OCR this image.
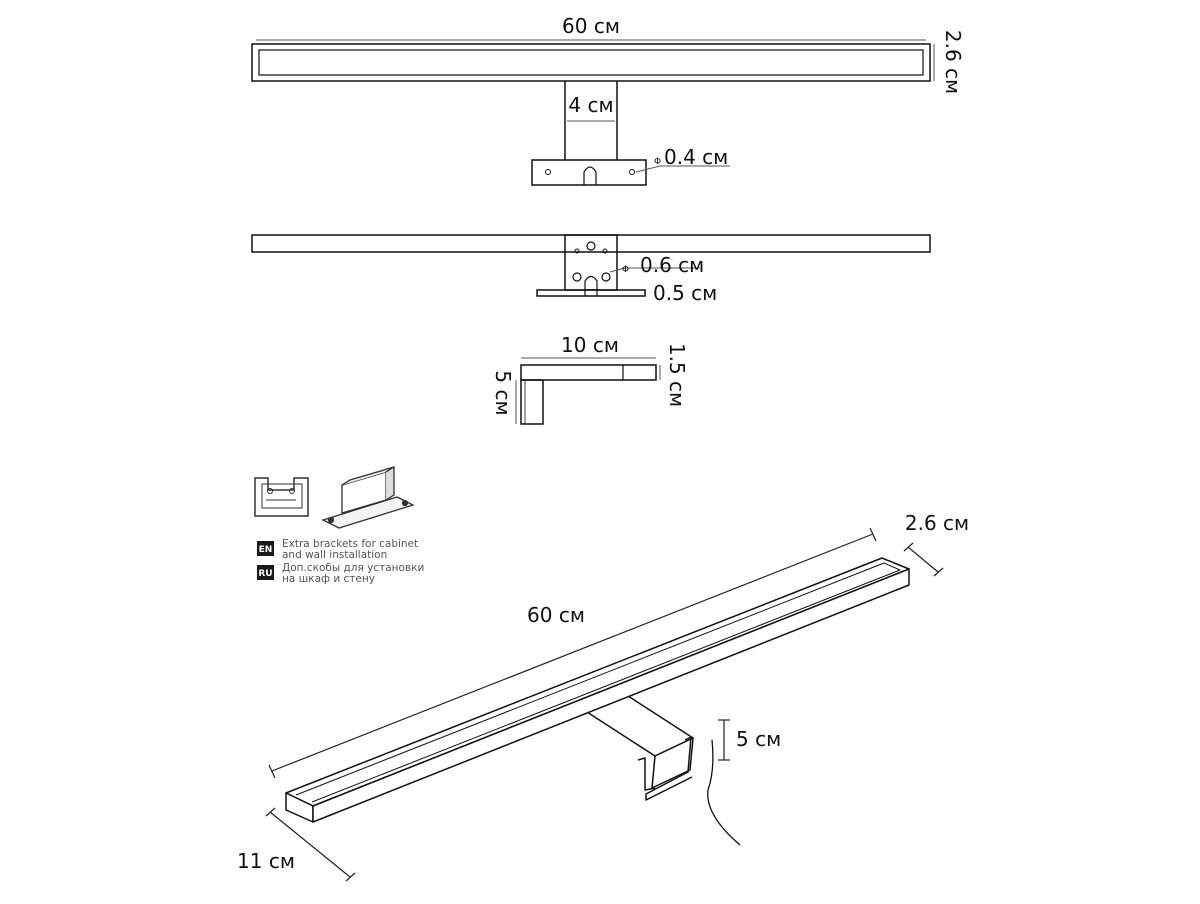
60 см
2.6 см
4 см
Φ 0.4 см
Φ 0.6 см
0.5 см
10 см 1.5 см
5 см
EN Extra brackets for cabinet
and wall installation
RU Доп.скобы для установки
на шкаф и стену
60 см
2.6 см
5 см
11 см
